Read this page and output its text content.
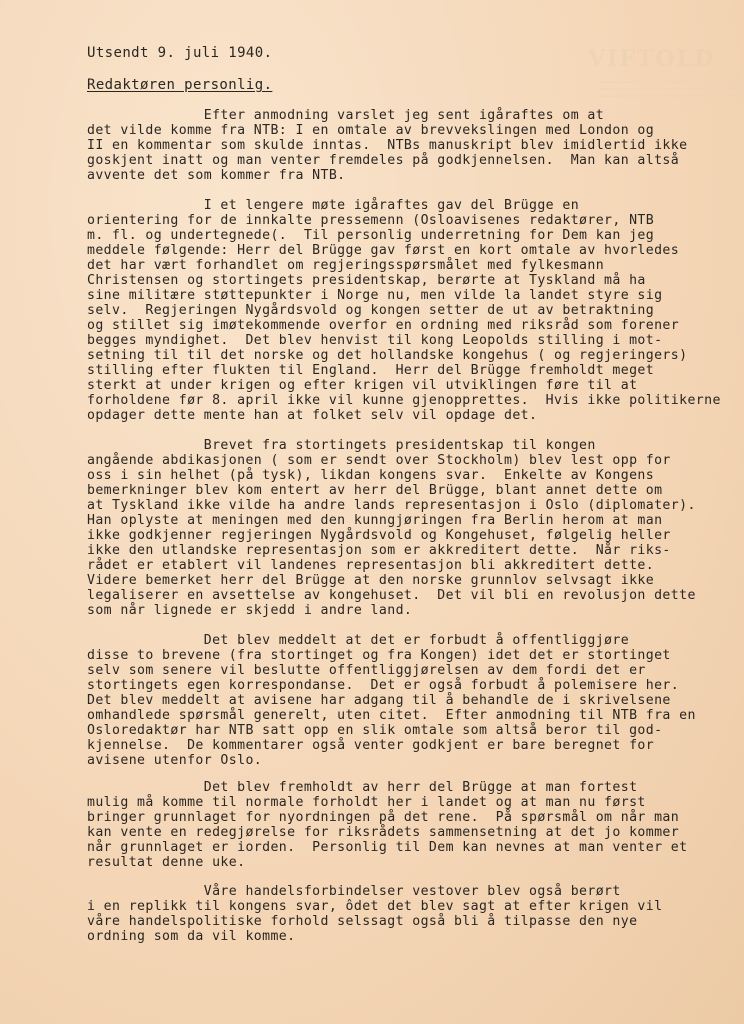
VIFTOLD

Utsendt 9. juli 1940.

Redaktøren personlig.

Efter anmodning varslet jeg sent igåraftes om at

det vilde komme fra NTB: I en omtale av brevvekslingen med London og

II en kommentar som skulde inntas.  NTBs manuskript blev imidlertid ikke

goskjent inatt og man venter fremdeles på godkjennelsen.  Man kan altså

avvente det som kommer fra NTB.

I et lengere møte igåraftes gav del Brügge en

orientering for de innkalte pressemenn (Osloavisenes redaktører, NTB

m. fl. og undertegnede(.  Til personlig underretning for Dem kan jeg

meddele følgende: Herr del Brügge gav først en kort omtale av hvorledes

det har vært forhandlet om regjeringsspørsmålet med fylkesmann

Christensen og stortingets presidentskap, berørte at Tyskland må ha

sine militære støttepunkter i Norge nu, men vilde la landet styre sig

selv.  Regjeringen Nygårdsvold og kongen setter de ut av betraktning

og stillet sig imøtekommende overfor en ordning med riksråd som forener

begges myndighet.  Det blev henvist til kong Leopolds stilling i mot-

setning til til det norske og det hollandske kongehus ( og regjeringers)

stilling efter flukten til England.  Herr del Brügge fremholdt meget

sterkt at under krigen og efter krigen vil utviklingen føre til at

forholdene før 8. april ikke vil kunne gjenopprettes.  Hvis ikke politikerne

opdager dette mente han at folket selv vil opdage det.

Brevet fra stortingets presidentskap til kongen

angående abdikasjonen ( som er sendt over Stockholm) blev lest opp for

oss i sin helhet (på tysk), likdan kongens svar.  Enkelte av Kongens

bemerkninger blev kom entert av herr del Brügge, blant annet dette om

at Tyskland ikke vilde ha andre lands representasjon i Oslo (diplomater).

Han oplyste at meningen med den kunngjøringen fra Berlin herom at man

ikke godkjenner regjeringen Nygårdsvold og Kongehuset, følgelig heller

ikke den utlandske representasjon som er akkreditert dette.  Når riks-

rådet er etablert vil landenes representasjon bli akkreditert dette.

Videre bemerket herr del Brügge at den norske grunnlov selvsagt ikke

legaliserer en avsettelse av kongehuset.  Det vil bli en revolusjon dette

som når lignede er skjedd i andre land.

Det blev meddelt at det er forbudt å offentliggjøre

disse to brevene (fra stortinget og fra Kongen) idet det er stortinget

selv som senere vil beslutte offentliggjørelsen av dem fordi det er

stortingets egen korrespondanse.  Det er også forbudt å polemisere her.

Det blev meddelt at avisene har adgang til å behandle de i skrivelsene

omhandlede spørsmål generelt, uten citet.  Efter anmodning til NTB fra en

Osloredaktør har NTB satt opp en slik omtale som altså beror til god-

kjennelse.  De kommentarer også venter godkjent er bare beregnet for

avisene utenfor Oslo.

Det blev fremholdt av herr del Brügge at man fortest

mulig må komme til normale forholdt her i landet og at man nu først

bringer grunnlaget for nyordningen på det rene.  På spørsmål om når man

kan vente en redegjørelse for riksrådets sammensetning at det jo kommer

når grunnlaget er iorden.  Personlig til Dem kan nevnes at man venter et

resultat denne uke.

Våre handelsforbindelser vestover blev også berørt

i en replikk til kongens svar, ôdet det blev sagt at efter krigen vil

våre handelspolitiske forhold selssagt også bli å tilpasse den nye

ordning som da vil komme.
